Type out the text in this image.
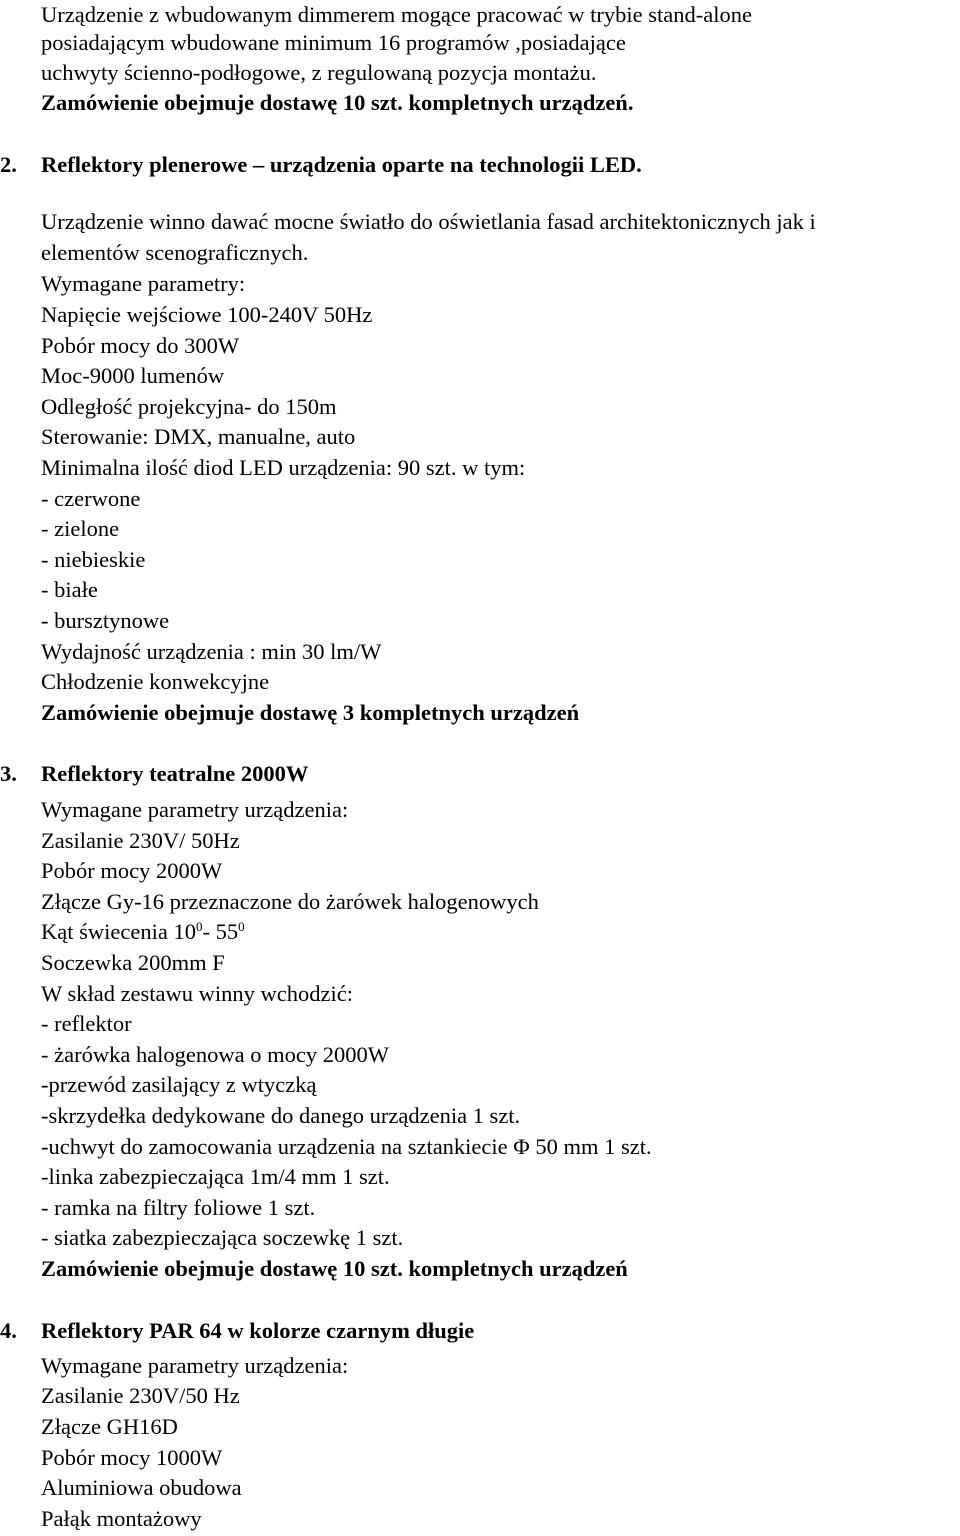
Urządzenie z wbudowanym dimmerem mogące pracować w trybie stand-alone
posiadającym wbudowane minimum 16 programów ,posiadające
uchwyty ścienno-podłogowe, z regulowaną pozycja montażu.
Zamówienie obejmuje dostawę 10 szt. kompletnych urządzeń.
2. Reflektory plenerowe – urządzenia oparte na technologii LED.
Urządzenie winno dawać mocne światło do oświetlania fasad architektonicznych jak i
elementów scenograficznych.
Wymagane parametry:
Napięcie wejściowe 100-240V 50Hz
Pobór mocy do 300W
Moc-9000 lumenów
Odległość projekcyjna- do 150m
Sterowanie: DMX, manualne, auto
Minimalna ilość diod LED urządzenia: 90 szt. w tym:
- czerwone
- zielone
- niebieskie
- białe
- bursztynowe
Wydajność urządzenia : min 30 lm/W
Chłodzenie konwekcyjne
Zamówienie obejmuje dostawę 3 kompletnych urządzeń
3. Reflektory teatralne 2000W
Wymagane parametry urządzenia:
Zasilanie 230V/ 50Hz
Pobór mocy 2000W
Złącze Gy-16 przeznaczone do żarówek halogenowych
Kąt świecenia $10^0-$ $55^0$
Soczewka 200mm F
W skład zestawu winny wchodzić:
- reflektor
- żarówka halogenowa o mocy 2000W
-przewód zasilający z wtyczką
-skrzydełka dedykowane do danego urządzenia 1 szt.
-uchwyt do zamocowania urządzenia na sztankiecie Φ 50 mm 1 szt.
-linka zabezpieczająca 1m/4 mm 1 szt.
- ramka na filtry foliowe 1 szt.
- siatka zabezpieczająca soczewkę 1 szt.
Zamówienie obejmuje dostawę 10 szt. kompletnych urządzeń
4. Reflektory PAR 64 w kolorze czarnym długie
Wymagane parametry urządzenia:
Zasilanie 230V/50 Hz
Złącze GH16D
Pobór mocy 1000W
Aluminiowa obudowa
Pałąk montażowy
